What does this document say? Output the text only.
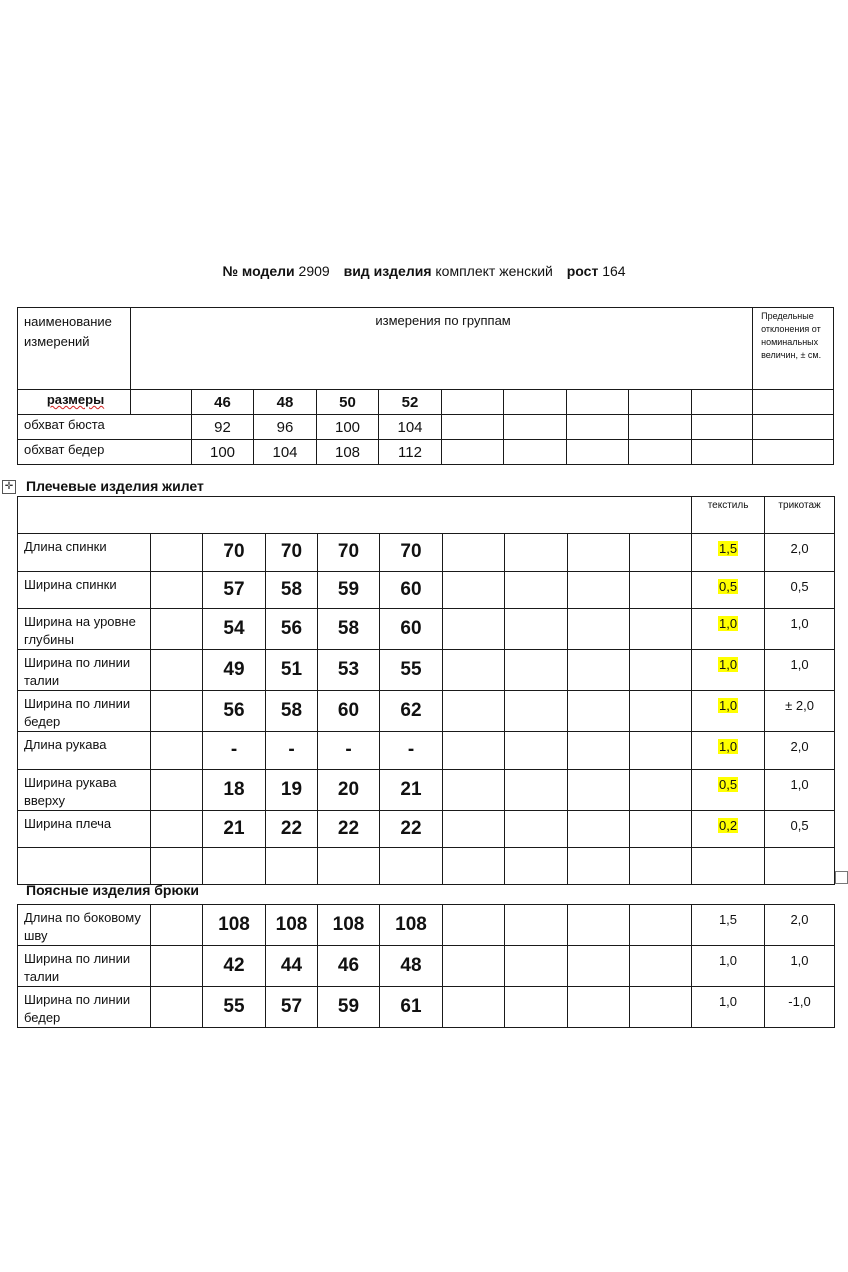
№ модели 2909 вид изделия комплект женский рост 164
наименование измерений	измерения по группам										Предельные отклонения от номинальных величин, ± см.
размеры		46	48	50	52						
обхват бюста		92	96	100	104						
обхват бедер		100	104	108	112						
✛ Плечевые изделия жилет
										текстиль	трикотаж
Длина спинки		70	70	70	70					1,5	2,0
Ширина спинки		57	58	59	60					0,5	0,5
Ширина на уровне глубины		54	56	58	60					1,0	1,0
Ширина по линии талии		49	51	53	55					1,0	1,0
Ширина по линии бедер		56	58	60	62					1,0	± 2,0
Длина рукава		-	-	-	-					1,0	2,0
Ширина рукава вверху		18	19	20	21					0,5	1,0
Ширина плеча		21	22	22	22					0,2	0,5

Поясные изделия брюки
Длина по боковому шву		108	108	108	108					1,5	2,0
Ширина по линии талии		42	44	46	48					1,0	1,0
Ширина по линии бедер		55	57	59	61					1,0	-1,0
